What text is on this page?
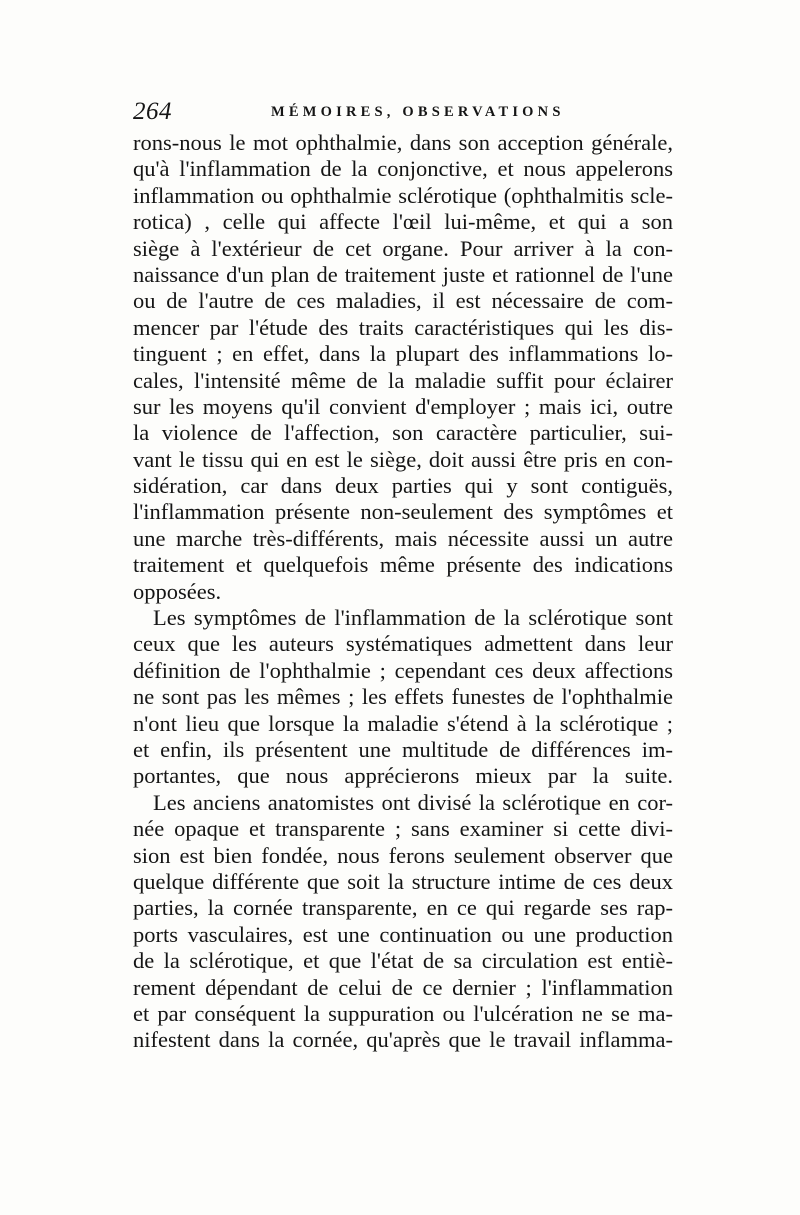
264	MÉMOIRES, OBSERVATIONS
rons-nous le mot ophthalmie, dans son acception générale,
qu'à l'inflammation de la conjonctive, et nous appelerons
inflammation ou ophthalmie sclérotique (ophthalmitis scle-
rotica) , celle qui affecte l'œil lui-même, et qui a son
siège à l'extérieur de cet organe. Pour arriver à la con-
naissance d'un plan de traitement juste et rationnel de l'une
ou de l'autre de ces maladies, il est nécessaire de com-
mencer par l'étude des traits caractéristiques qui les dis-
tinguent ; en effet, dans la plupart des inflammations lo-
cales, l'intensité même de la maladie suffit pour éclairer
sur les moyens qu'il convient d'employer ; mais ici, outre
la violence de l'affection, son caractère particulier, sui-
vant le tissu qui en est le siège, doit aussi être pris en con-
sidération, car dans deux parties qui y sont contiguës,
l'inflammation présente non-seulement des symptômes et
une marche très-différents, mais nécessite aussi un autre
traitement et quelquefois même présente des indications
opposées.
Les symptômes de l'inflammation de la sclérotique sont
ceux que les auteurs systématiques admettent dans leur
définition de l'ophthalmie ; cependant ces deux affections
ne sont pas les mêmes ; les effets funestes de l'ophthalmie
n'ont lieu que lorsque la maladie s'étend à la sclérotique ;
et enfin, ils présentent une multitude de différences im-
portantes, que nous apprécierons mieux par la suite.
Les anciens anatomistes ont divisé la sclérotique en cor-
née opaque et transparente ; sans examiner si cette divi-
sion est bien fondée, nous ferons seulement observer que
quelque différente que soit la structure intime de ces deux
parties, la cornée transparente, en ce qui regarde ses rap-
ports vasculaires, est une continuation ou une production
de la sclérotique, et que l'état de sa circulation est entiè-
rement dépendant de celui de ce dernier ; l'inflammation
et par conséquent la suppuration ou l'ulcération ne se ma-
nifestent dans la cornée, qu'après que le travail inflamma-
